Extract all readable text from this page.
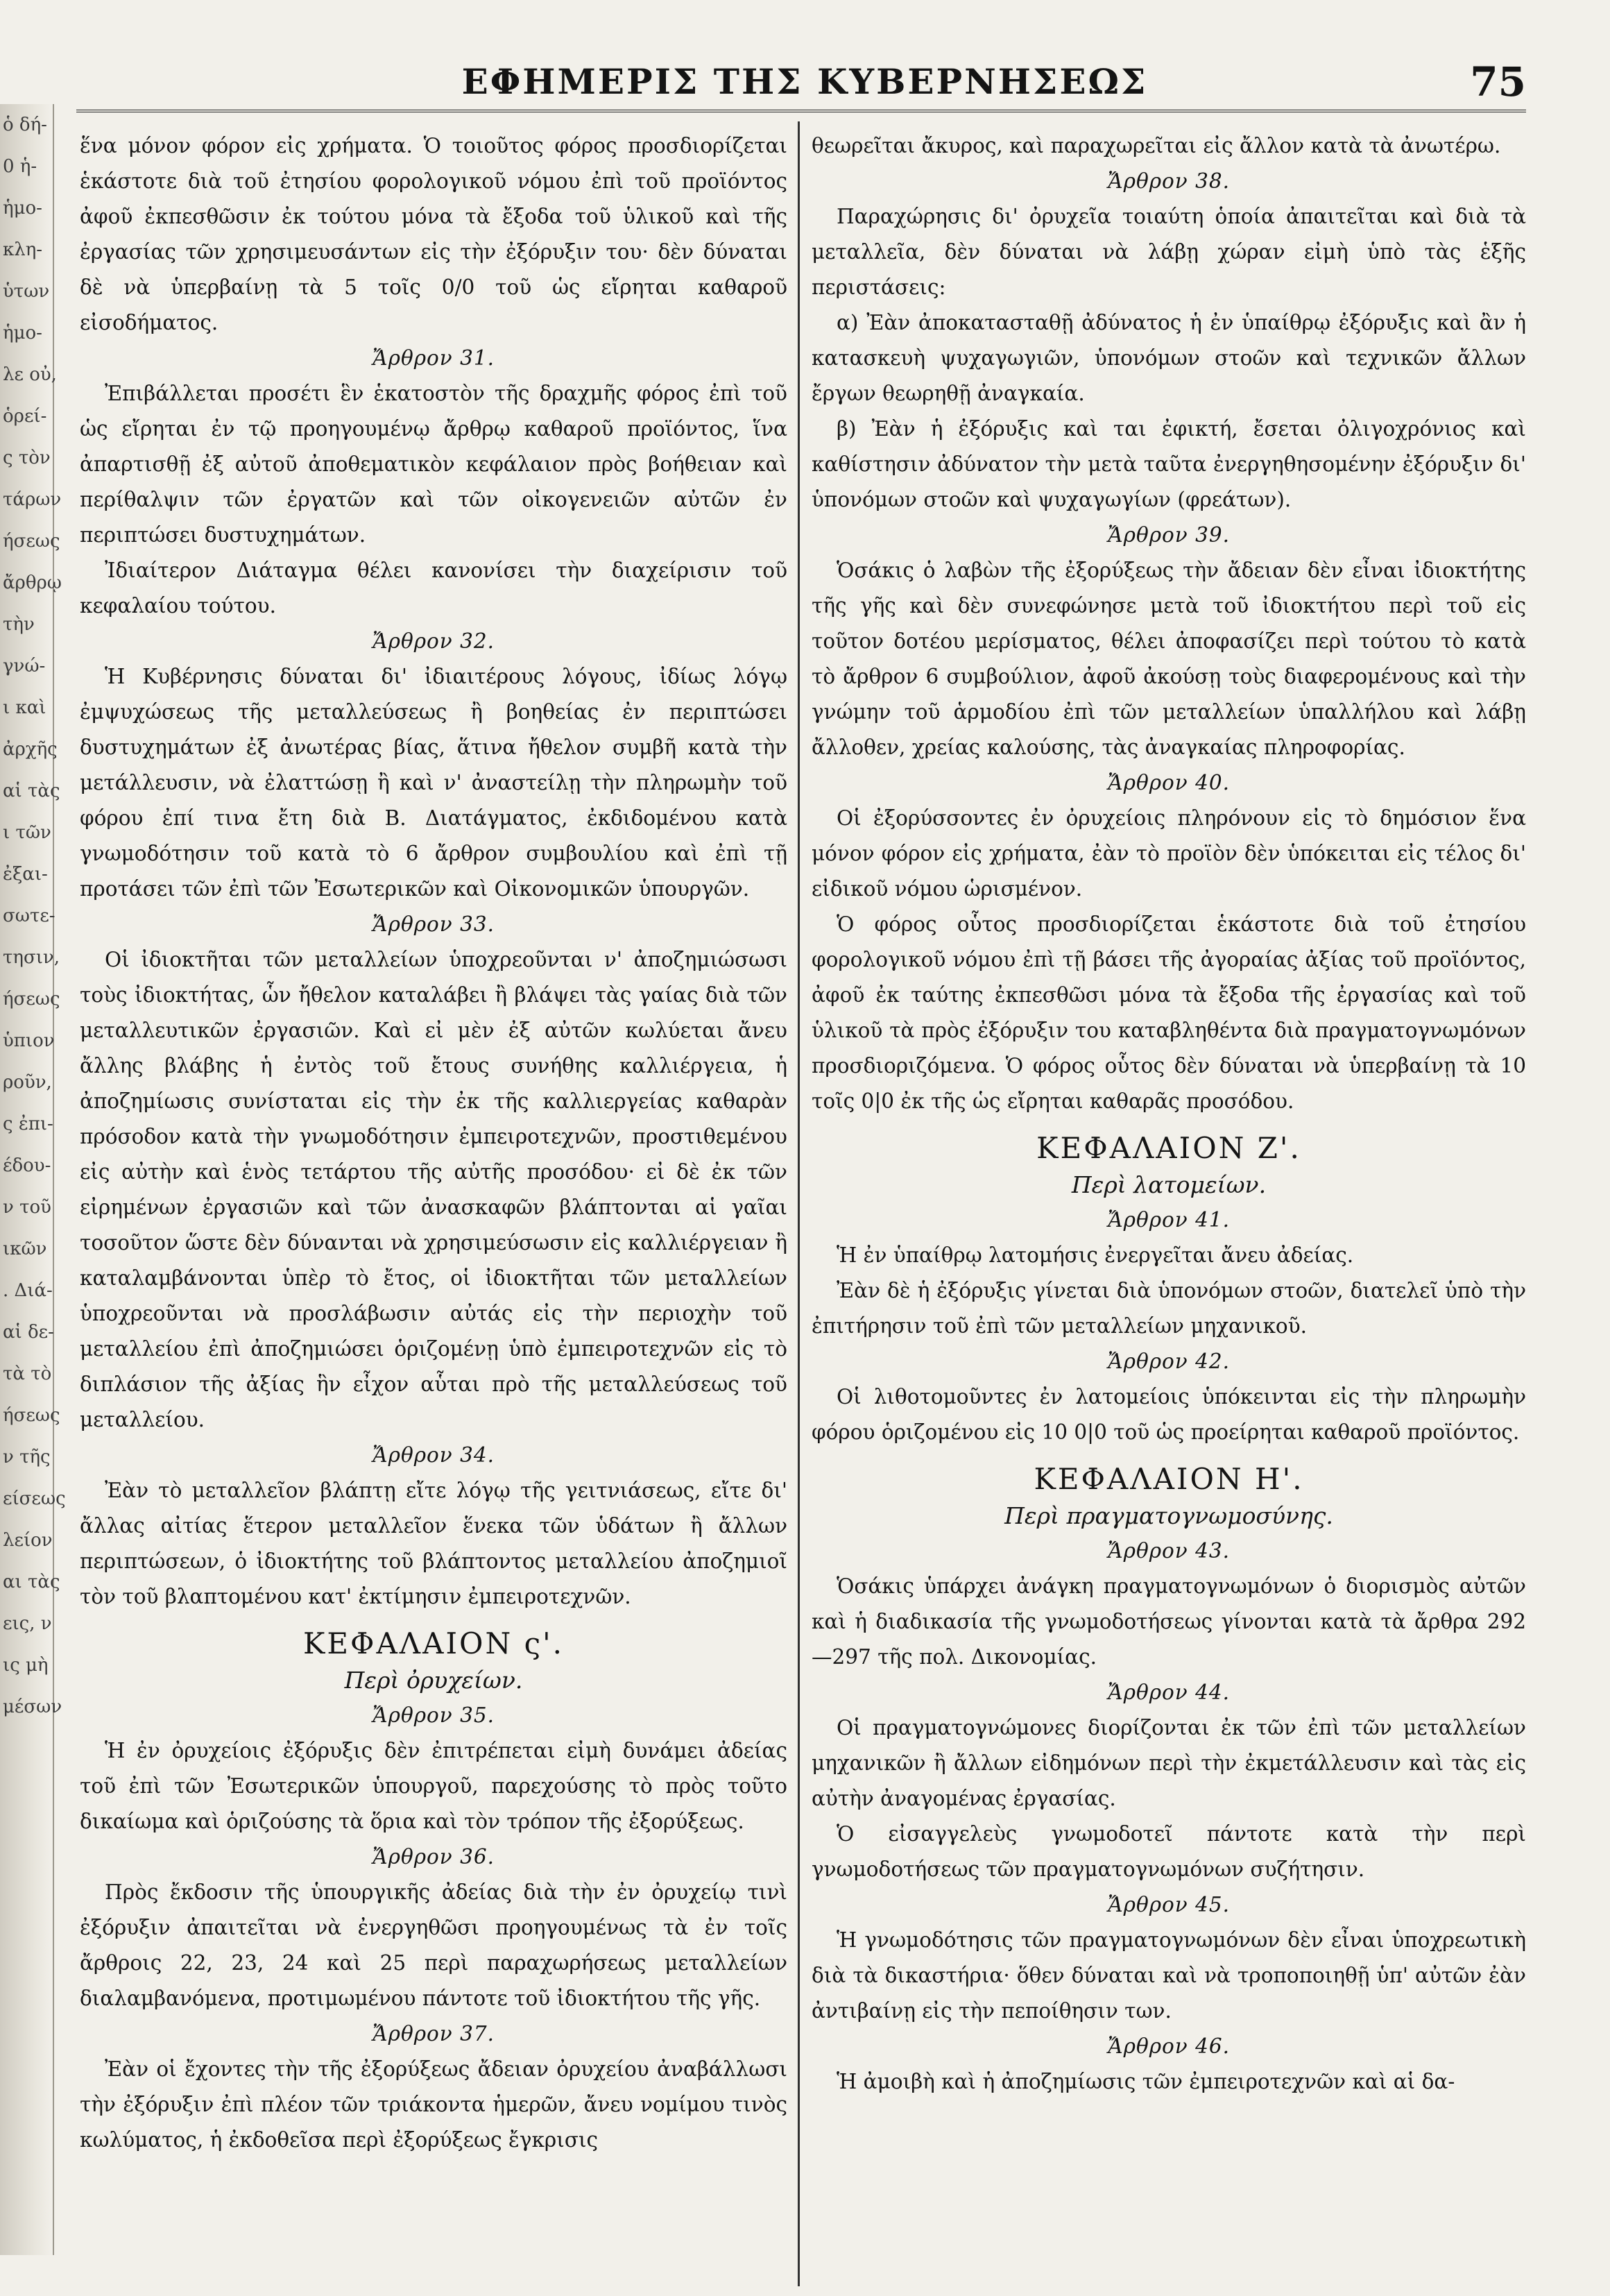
ὁ δή-
0 ἡ-
ἡμο-
κλη-
ὑτων
ἡμο-
λε οὐ,
ὁρεί-
ς τὸν
τάρων
ήσεως
ἄρθρῳ
τὴν
γνώ-
ι καὶ
ἀρχῆς
αἱ τὰς
ι τῶν
ἐξαι-
σωτε-
τησιν,
ήσεως
ὑπιον
ροῦν,
ς ἐπι-
έδου-
ν τοῦ
ικῶν
. Διά-
αἱ δε-
τὰ τὸ
ήσεως
ν τῆς
είσεως
λείον
αι τὰς
εις, ν
ις μὴ
μέσων
ΕΦΗΜΕΡΙΣ ΤΗΣ ΚΥΒΕΡΝΗΣΕΩΣ	75

ἕνα μόνον φόρον εἰς χρήματα. Ὁ τοιοῦτος φόρος προσδιορίζεται ἑκάστοτε διὰ τοῦ ἐτησίου φορολογικοῦ νόμου ἐπὶ τοῦ προϊόντος ἀφοῦ ἐκπεσθῶσιν ἐκ τούτου μόνα τὰ ἔξοδα τοῦ ὑλικοῦ καὶ τῆς ἐργασίας τῶν χρησιμευσάντων εἰς τὴν ἐξόρυξιν του· δὲν δύναται δὲ νὰ ὑπερβαίνῃ τὰ 5 τοῖς 0/0 τοῦ ὡς εἴρηται καθαροῦ εἰσοδήματος.

Ἄρθρον 31.

Ἐπιβάλλεται προσέτι ἓν ἑκατοστὸν τῆς δραχμῆς φόρος ἐπὶ τοῦ ὡς εἴρηται ἐν τῷ προηγουμένῳ ἄρθρῳ καθαροῦ προϊόντος, ἵνα ἀπαρτισθῇ ἐξ αὐτοῦ ἀποθεματικὸν κεφάλαιον πρὸς βοήθειαν καὶ περίθαλψιν τῶν ἐργατῶν καὶ τῶν οἰκογενειῶν αὐτῶν ἐν περιπτώσει δυστυχημάτων.

Ἰδιαίτερον Διάταγμα θέλει κανονίσει τὴν διαχείρισιν τοῦ κεφαλαίου τούτου.

Ἄρθρον 32.

Ἡ Κυβέρνησις δύναται δι' ἰδιαιτέρους λόγους, ἰδίως λόγῳ ἐμψυχώσεως τῆς μεταλλεύσεως ἢ βοηθείας ἐν περιπτώσει δυστυχημάτων ἐξ ἀνωτέρας βίας, ἅτινα ἤθελον συμβῆ κατὰ τὴν μετάλλευσιν, νὰ ἐλαττώσῃ ἢ καὶ ν' ἀναστείλῃ τὴν πληρωμὴν τοῦ φόρου ἐπί τινα ἔτη διὰ Β. Διατάγματος, ἐκδιδομένου κατὰ γνωμοδότησιν τοῦ κατὰ τὸ 6 ἄρθρον συμβουλίου καὶ ἐπὶ τῇ προτάσει τῶν ἐπὶ τῶν Ἐσωτερικῶν καὶ Οἰκονομικῶν ὑπουργῶν.

Ἄρθρον 33.

Οἱ ἰδιοκτῆται τῶν μεταλλείων ὑποχρεοῦνται ν' ἀποζημιώσωσι τοὺς ἰδιοκτήτας, ὧν ἤθελον καταλάβει ἢ βλάψει τὰς γαίας διὰ τῶν μεταλλευτικῶν ἐργασιῶν. Καὶ εἰ μὲν ἐξ αὐτῶν κωλύεται ἄνευ ἄλλης βλάβης ἡ ἐντὸς τοῦ ἔτους συνήθης καλλιέργεια, ἡ ἀποζημίωσις συνίσταται εἰς τὴν ἐκ τῆς καλλιεργείας καθαρὰν πρόσοδον κατὰ τὴν γνωμοδότησιν ἐμπειροτεχνῶν, προστιθεμένου εἰς αὐτὴν καὶ ἑνὸς τετάρτου τῆς αὐτῆς προσόδου· εἰ δὲ ἐκ τῶν εἰρημένων ἐργασιῶν καὶ τῶν ἀνασκαφῶν βλάπτονται αἱ γαῖαι τοσοῦτον ὥστε δὲν δύνανται νὰ χρησιμεύσωσιν εἰς καλλιέργειαν ἢ καταλαμβάνονται ὑπὲρ τὸ ἔτος, οἱ ἰδιοκτῆται τῶν μεταλλείων ὑποχρεοῦνται νὰ προσλάβωσιν αὐτάς εἰς τὴν περιοχὴν τοῦ μεταλλείου ἐπὶ ἀποζημιώσει ὁριζομένῃ ὑπὸ ἐμπειροτεχνῶν εἰς τὸ διπλάσιον τῆς ἀξίας ἣν εἶχον αὗται πρὸ τῆς μεταλλεύσεως τοῦ μεταλλείου.

Ἄρθρον 34.

Ἐὰν τὸ μεταλλεῖον βλάπτῃ εἴτε λόγῳ τῆς γειτνιάσεως, εἴτε δι' ἄλλας αἰτίας ἕτερον μεταλλεῖον ἕνεκα τῶν ὑδάτων ἢ ἄλλων περιπτώσεων, ὁ ἰδιοκτήτης τοῦ βλάπτοντος μεταλλείου ἀποζημιοῖ τὸν τοῦ βλαπτομένου κατ' ἐκτίμησιν ἐμπειροτεχνῶν.

ΚΕΦΑΛΑΙΟΝ ς'.

Περὶ ὀρυχείων.

Ἄρθρον 35.

Ἡ ἐν ὀρυχείοις ἐξόρυξις δὲν ἐπιτρέπεται εἰμὴ δυνάμει ἀδείας τοῦ ἐπὶ τῶν Ἐσωτερικῶν ὑπουργοῦ, παρεχούσης τὸ πρὸς τοῦτο δικαίωμα καὶ ὁριζούσης τὰ ὅρια καὶ τὸν τρόπον τῆς ἐξορύξεως.

Ἄρθρον 36.

Πρὸς ἔκδοσιν τῆς ὑπουργικῆς ἀδείας διὰ τὴν ἐν ὀρυχείῳ τινὶ ἐξόρυξιν ἀπαιτεῖται νὰ ἐνεργηθῶσι προηγουμένως τὰ ἐν τοῖς ἄρθροις 22, 23, 24 καὶ 25 περὶ παραχωρήσεως μεταλλείων διαλαμβανόμενα, προτιμωμένου πάντοτε τοῦ ἰδιοκτήτου τῆς γῆς.

Ἄρθρον 37.

Ἐὰν οἱ ἔχοντες τὴν τῆς ἐξορύξεως ἄδειαν ὀρυχείου ἀναβάλλωσι τὴν ἐξόρυξιν ἐπὶ πλέον τῶν τριάκοντα ἡμερῶν, ἄνευ νομίμου τινὸς κωλύματος, ἡ ἐκδοθεῖσα περὶ ἐξορύξεως ἔγκρισις

θεωρεῖται ἄκυρος, καὶ παραχωρεῖται εἰς ἄλλον κατὰ τὰ ἀνωτέρω.

Ἄρθρον 38.

Παραχώρησις δι' ὀρυχεῖα τοιαύτη ὁποία ἀπαιτεῖται καὶ διὰ τὰ μεταλλεῖα, δὲν δύναται νὰ λάβῃ χώραν εἰμὴ ὑπὸ τὰς ἑξῆς περιστάσεις:

α) Ἐὰν ἀποκατασταθῇ ἀδύνατος ἡ ἐν ὑπαίθρῳ ἐξόρυξις καὶ ἂν ἡ κατασκευὴ ψυχαγωγιῶν, ὑπονόμων στοῶν καὶ τεχνικῶν ἄλλων ἔργων θεωρηθῇ ἀναγκαία.

β) Ἐὰν ἡ ἐξόρυξις καὶ ται ἐφικτή, ἔσεται ὀλιγοχρόνιος καὶ καθίστησιν ἀδύνατον τὴν μετὰ ταῦτα ἐνεργηθησομένην ἐξόρυξιν δι' ὑπονόμων στοῶν καὶ ψυχαγωγίων (φρεάτων).

Ἄρθρον 39.

Ὁσάκις ὁ λαβὼν τῆς ἐξορύξεως τὴν ἄδειαν δὲν εἶναι ἰδιοκτήτης τῆς γῆς καὶ δὲν συνεφώνησε μετὰ τοῦ ἰδιοκτήτου περὶ τοῦ εἰς τοῦτον δοτέου μερίσματος, θέλει ἀποφασίζει περὶ τούτου τὸ κατὰ τὸ ἄρθρον 6 συμβούλιον, ἀφοῦ ἀκούσῃ τοὺς διαφερομένους καὶ τὴν γνώμην τοῦ ἁρμοδίου ἐπὶ τῶν μεταλλείων ὑπαλλήλου καὶ λάβῃ ἄλλοθεν, χρείας καλούσης, τὰς ἀναγκαίας πληροφορίας.

Ἄρθρον 40.

Οἱ ἐξορύσσοντες ἐν ὀρυχείοις πληρόνουν εἰς τὸ δημόσιον ἕνα μόνον φόρον εἰς χρήματα, ἐὰν τὸ προϊὸν δὲν ὑπόκειται εἰς τέλος δι' εἰδικοῦ νόμου ὡρισμένον.

Ὁ φόρος οὗτος προσδιορίζεται ἑκάστοτε διὰ τοῦ ἐτησίου φορολογικοῦ νόμου ἐπὶ τῇ βάσει τῆς ἀγοραίας ἀξίας τοῦ προϊόντος, ἀφοῦ ἐκ ταύτης ἐκπεσθῶσι μόνα τὰ ἔξοδα τῆς ἐργασίας καὶ τοῦ ὑλικοῦ τὰ πρὸς ἐξόρυξιν του καταβληθέντα διὰ πραγματογνωμόνων προσδιοριζόμενα. Ὁ φόρος οὗτος δὲν δύναται νὰ ὑπερβαίνῃ τὰ 10 τοῖς 0|0 ἐκ τῆς ὡς εἴρηται καθαρᾶς προσόδου.

ΚΕΦΑΛΑΙΟΝ Ζ'.

Περὶ λατομείων.

Ἄρθρον 41.

Ἡ ἐν ὑπαίθρῳ λατομήσις ἐνεργεῖται ἄνευ ἀδείας.

Ἐὰν δὲ ἡ ἐξόρυξις γίνεται διὰ ὑπονόμων στοῶν, διατελεῖ ὑπὸ τὴν ἐπιτήρησιν τοῦ ἐπὶ τῶν μεταλλείων μηχανικοῦ.

Ἄρθρον 42.

Οἱ λιθοτομοῦντες ἐν λατομείοις ὑπόκεινται εἰς τὴν πληρωμὴν φόρου ὁριζομένου εἰς 10 0|0 τοῦ ὡς προείρηται καθαροῦ προϊόντος.

ΚΕΦΑΛΑΙΟΝ Η'.

Περὶ πραγματογνωμοσύνης.

Ἄρθρον 43.

Ὁσάκις ὑπάρχει ἀνάγκη πραγματογνωμόνων ὁ διορισμὸς αὐτῶν καὶ ἡ διαδικασία τῆς γνωμοδοτήσεως γίνονται κατὰ τὰ ἄρθρα 292—297 τῆς πολ. Δικονομίας.

Ἄρθρον 44.

Οἱ πραγματογνώμονες διορίζονται ἐκ τῶν ἐπὶ τῶν μεταλλείων μηχανικῶν ἢ ἄλλων εἰδημόνων περὶ τὴν ἐκμετάλλευσιν καὶ τὰς εἰς αὐτὴν ἀναγομένας ἐργασίας.

Ὁ εἰσαγγελεὺς γνωμοδοτεῖ πάντοτε κατὰ τὴν περὶ γνωμοδοτήσεως τῶν πραγματογνωμόνων συζήτησιν.

Ἄρθρον 45.

Ἡ γνωμοδότησις τῶν πραγματογνωμόνων δὲν εἶναι ὑποχρεωτικὴ διὰ τὰ δικαστήρια· ὅθεν δύναται καὶ νὰ τροποποιηθῇ ὑπ' αὐτῶν ἐὰν ἀντιβαίνῃ εἰς τὴν πεποίθησιν των.

Ἄρθρον 46.

Ἡ ἀμοιβὴ καὶ ἡ ἀποζημίωσις τῶν ἐμπειροτεχνῶν καὶ αἱ δα-
